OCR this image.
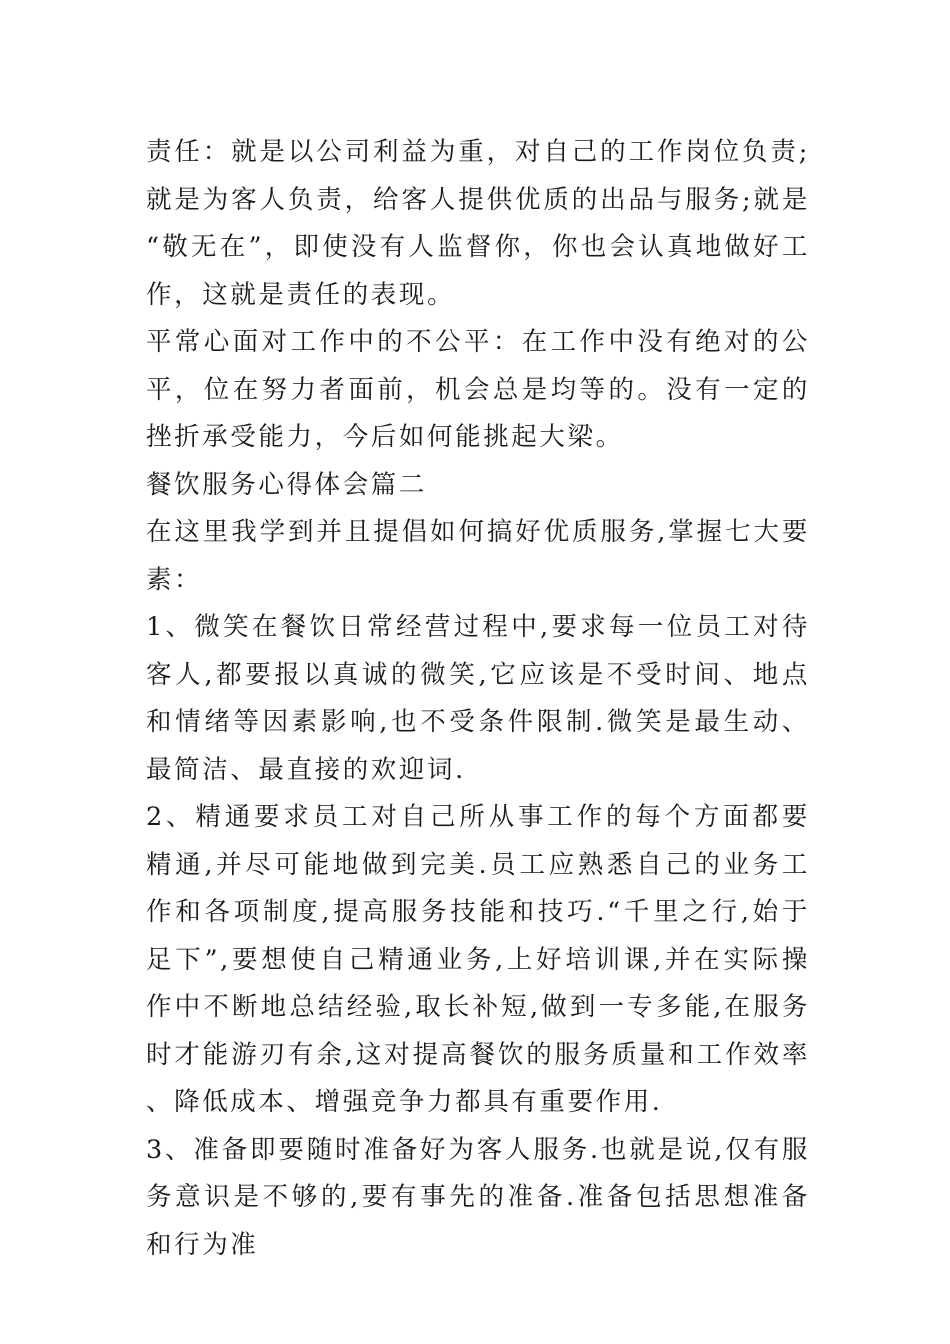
责任：就是以公司利益为重，对自己的工作岗位负责;就是为客人负责，给客人提供优质的出品与服务;就是“敬无在”，即使没有人监督你，你也会认真地做好工作，这就是责任的表现。

平常心面对工作中的不公平：在工作中没有绝对的公平，位在努力者面前，机会总是均等的。没有一定的挫折承受能力，今后如何能挑起大梁。

餐饮服务心得体会篇二

在这里我学到并且提倡如何搞好优质服务,掌握七大要素：

1、微笑在餐饮日常经营过程中,要求每一位员工对待客人,都要报以真诚的微笑,它应该是不受时间、地点和情绪等因素影响,也不受条件限制.微笑是最生动、最简洁、最直接的欢迎词.

2、精通要求员工对自己所从事工作的每个方面都要精通,并尽可能地做到完美.员工应熟悉自己的业务工作和各项制度,提高服务技能和技巧.“千里之行,始于足下”,要想使自己精通业务,上好培训课,并在实际操作中不断地总结经验,取长补短,做到一专多能,在服务时才能游刃有余,这对提高餐饮的服务质量和工作效率、降低成本、增强竞争力都具有重要作用.

3、准备即要随时准备好为客人服务.也就是说,仅有服务意识是不够的,要有事先的准备.准备包括思想准备和行为准
